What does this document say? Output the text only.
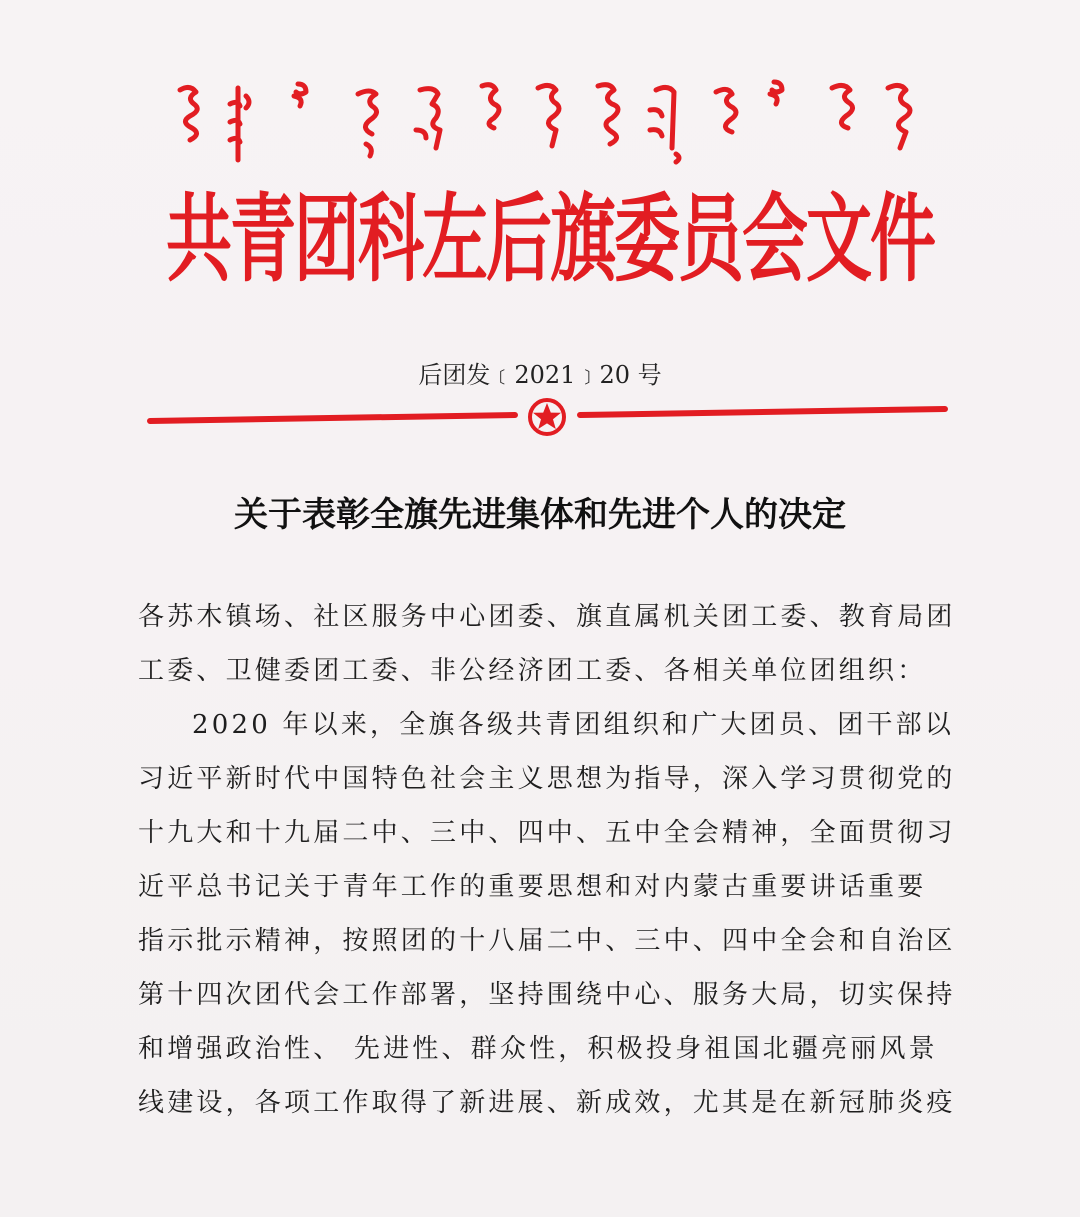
共青团科左后旗委员会文件
后团发﹝2021﹞20 号
关于表彰全旗先进集体和先进个人的决定
各苏木镇场、社区服务中心团委、旗直属机关团工委、教育局团
工委、卫健委团工委、非公经济团工委、各相关单位团组织：
2020 年以来，全旗各级共青团组织和广大团员、团干部以
习近平新时代中国特色社会主义思想为指导，深入学习贯彻党的
十九大和十九届二中、三中、四中、五中全会精神，全面贯彻习
近平总书记关于青年工作的重要思想和对内蒙古重要讲话重要
指示批示精神，按照团的十八届二中、三中、四中全会和自治区
第十四次团代会工作部署，坚持围绕中心、服务大局，切实保持
和增强政治性、 先进性、群众性，积极投身祖国北疆亮丽风景
线建设，各项工作取得了新进展、新成效，尤其是在新冠肺炎疫
